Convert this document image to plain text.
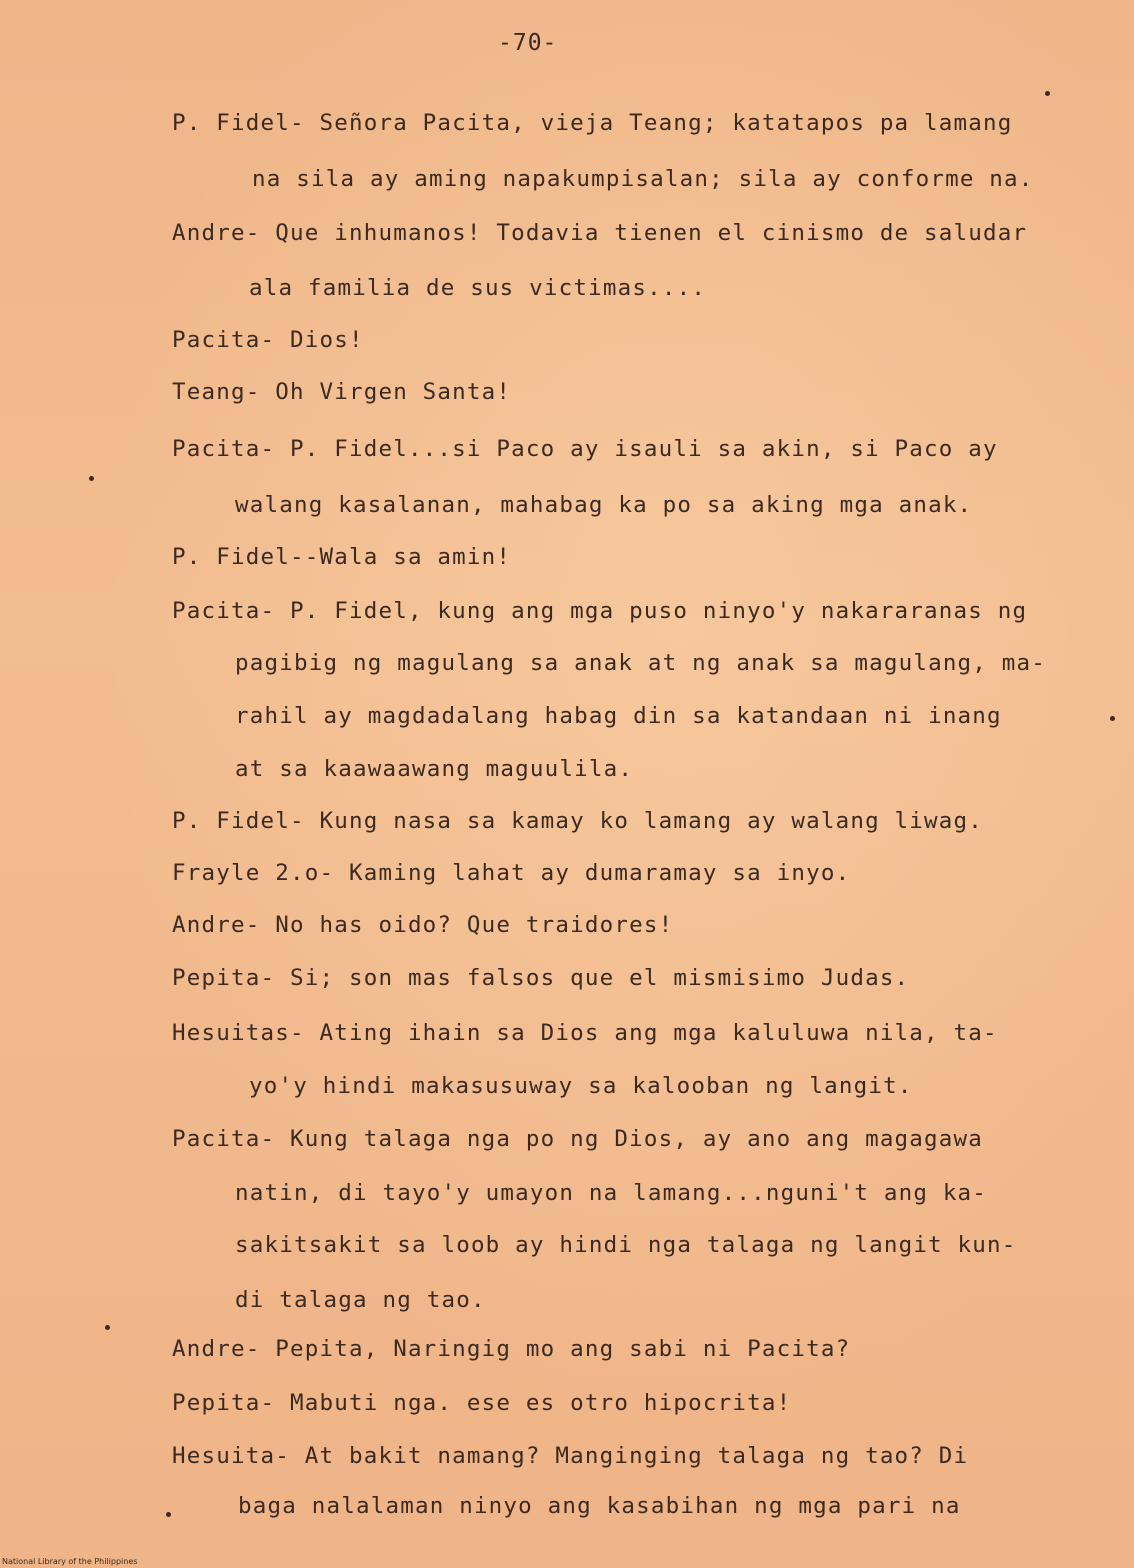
-70-
P. Fidel- Señora Pacita, vieja Teang; katatapos pa lamang
na sila ay aming napakumpisalan; sila ay conforme na.
Andre- Que inhumanos! Todavia tienen el cinismo de saludar
ala familia de sus victimas....
Pacita- Dios!
Teang- Oh Virgen Santa!
Pacita- P. Fidel...si Paco ay isauli sa akin, si Paco ay
walang kasalanan, mahabag ka po sa aking mga anak.
P. Fidel--Wala sa amin!
Pacita- P. Fidel, kung ang mga puso ninyo'y nakararanas ng
pagibig ng magulang sa anak at ng anak sa magulang, ma-
rahil ay magdadalang habag din sa katandaan ni inang
at sa kaawaawang maguulila.
P. Fidel- Kung nasa sa kamay ko lamang ay walang liwag.
Frayle 2.o- Kaming lahat ay dumaramay sa inyo.
Andre- No has oido? Que traidores!
Pepita- Si; son mas falsos que el mismisimo Judas.
Hesuitas- Ating ihain sa Dios ang mga kaluluwa nila, ta-
yo'y hindi makasusuway sa kalooban ng langit.
Pacita- Kung talaga nga po ng Dios, ay ano ang magagawa
natin, di tayo'y umayon na lamang...nguni't ang ka-
sakitsakit sa loob ay hindi nga talaga ng langit kun-
di talaga ng tao.
Andre- Pepita, Naringig mo ang sabi ni Pacita?
Pepita- Mabuti nga. ese es otro hipocrita!
Hesuita- At bakit namang? Manginging talaga ng tao? Di
baga nalalaman ninyo ang kasabihan ng mga pari na
National Library of the Philippines
